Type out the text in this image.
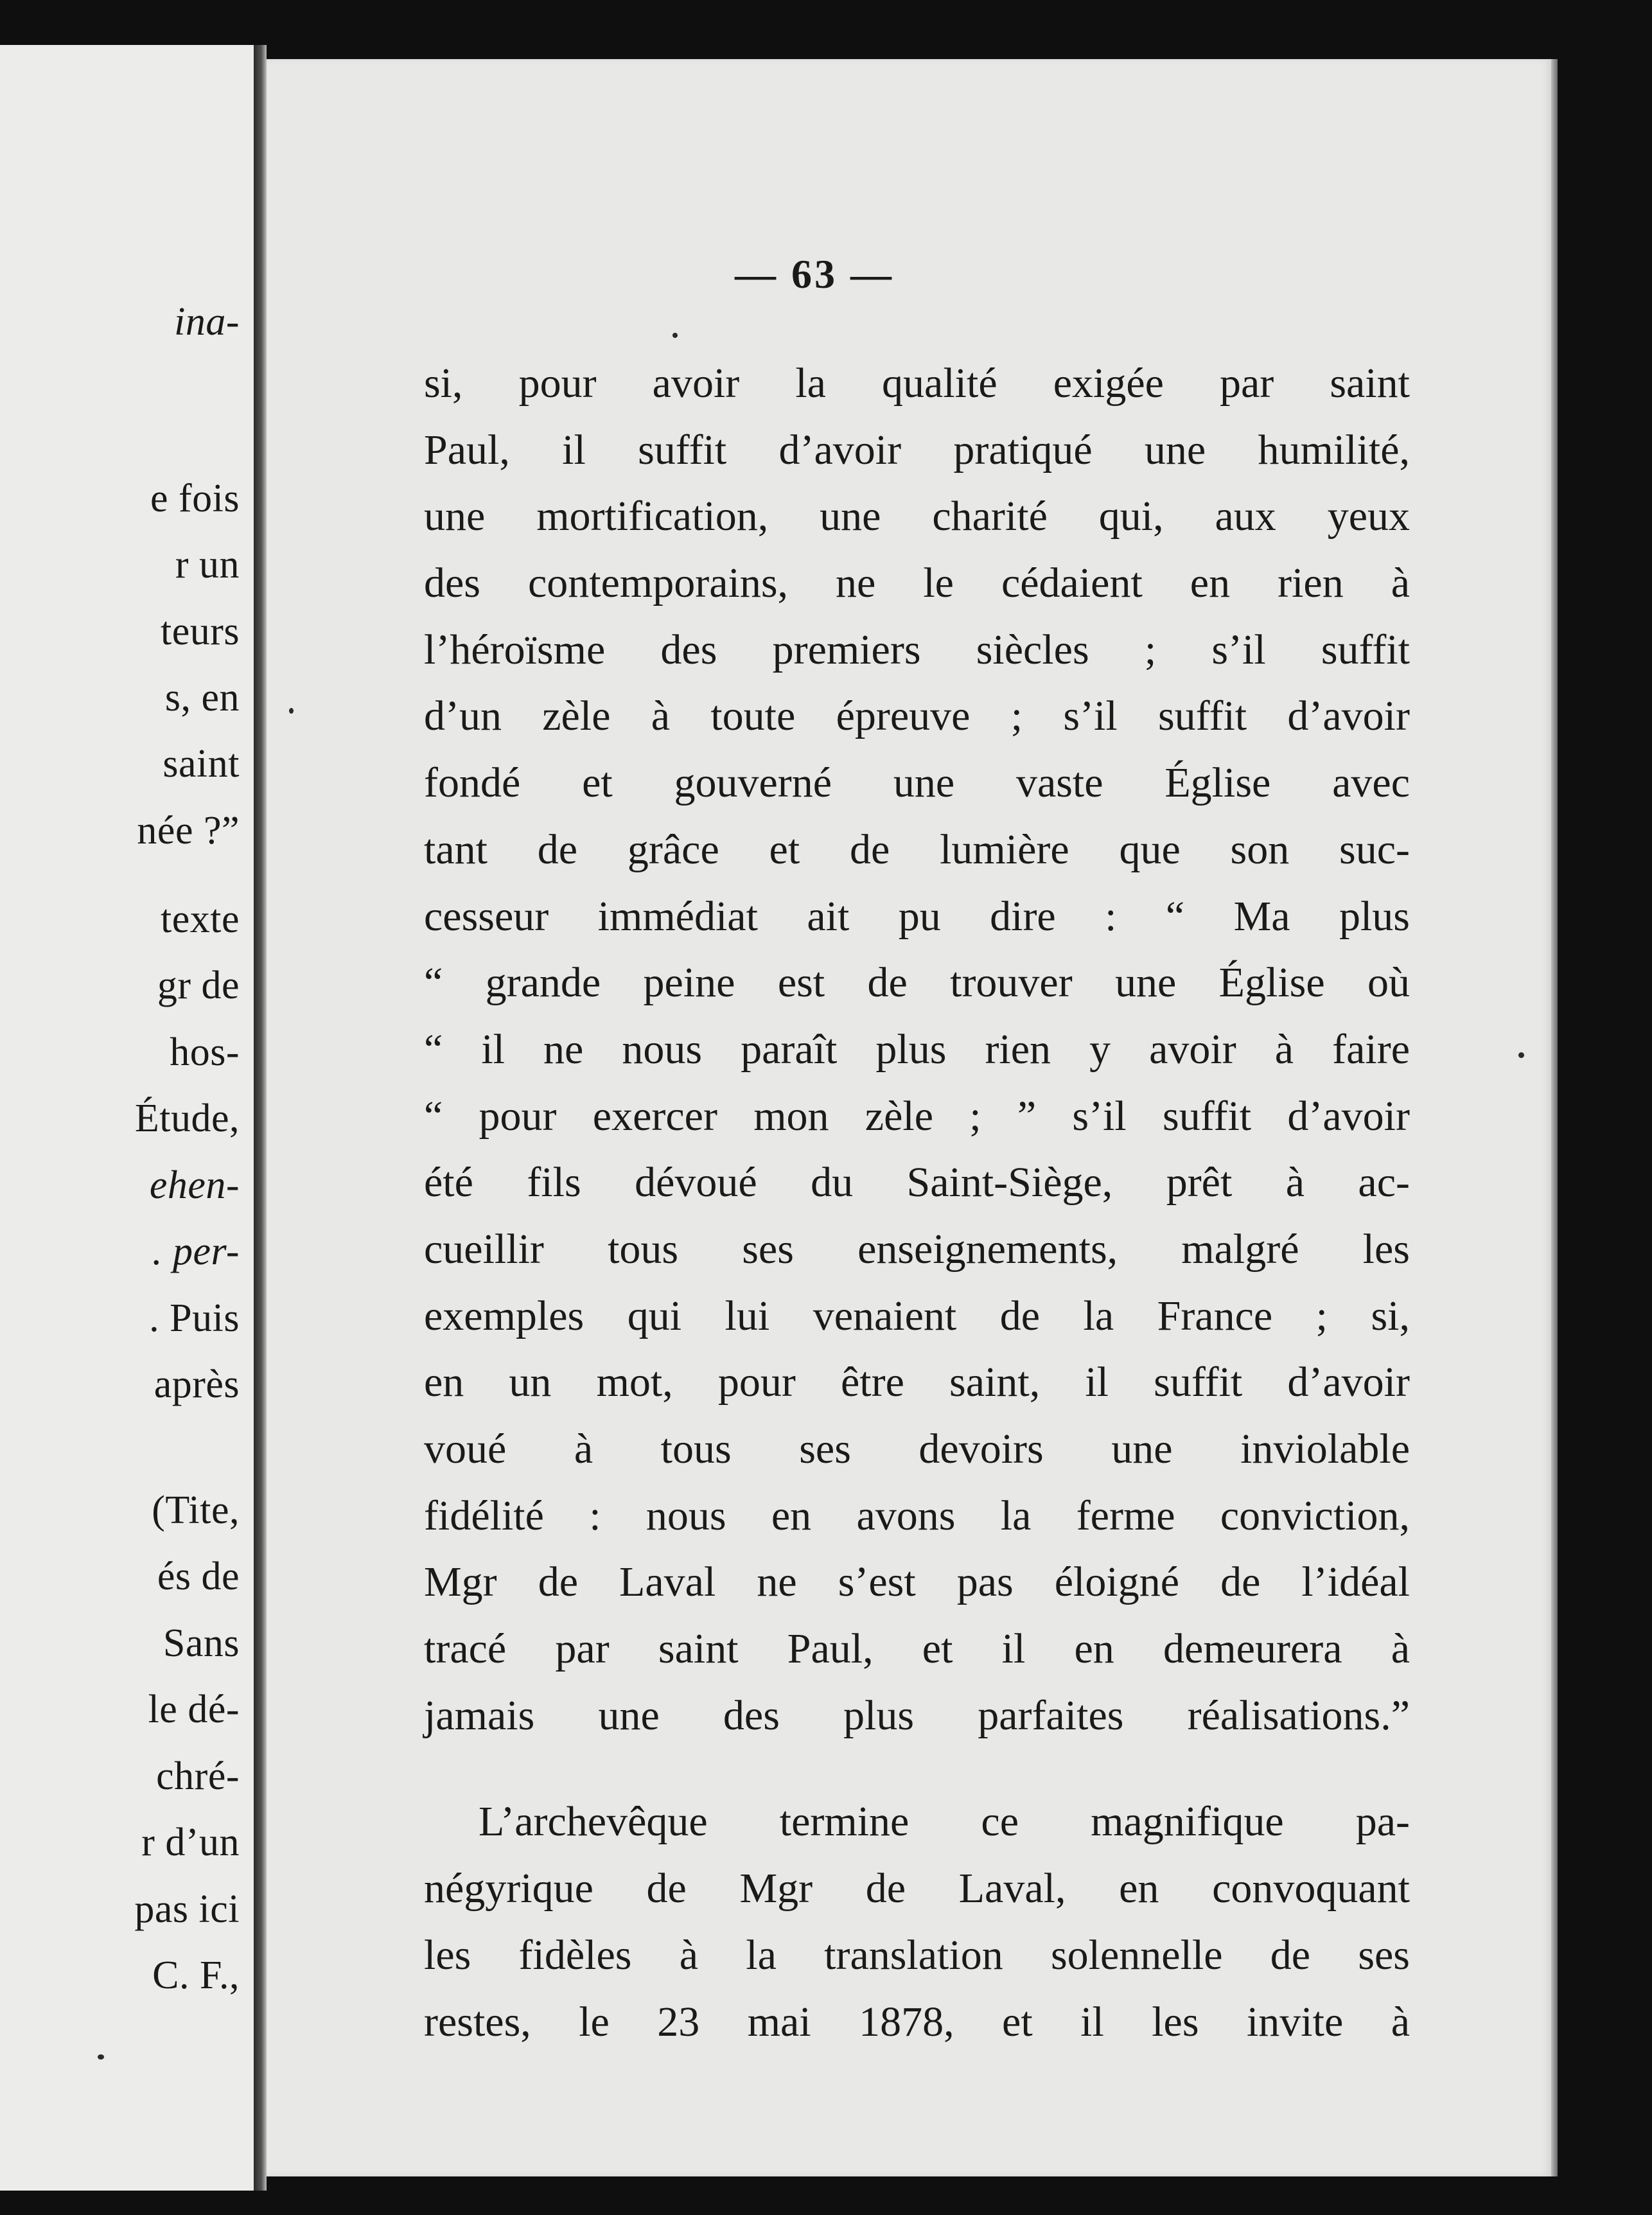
ina-
e fois
r un
teurs
s, en
saint
née ?”
texte
gr de
hos-
Étude,
ehen-
. per-
. Puis
après
(Tite,
és de
Sans
le dé-
chré-
r d’un
pas ici
C. F.,
— 63 —
si, pour avoir la qualité exigée par saint
Paul, il suffit d’avoir pratiqué une humilité,
une mortification, une charité qui, aux yeux
des contemporains, ne le cédaient en rien à
l’héroïsme des premiers siècles ; s’il suffit
d’un zèle à toute épreuve ; s’il suffit d’avoir
fondé et gouverné une vaste Église avec
tant de grâce et de lumière que son suc-
cesseur immédiat ait pu dire : “ Ma plus
“ grande peine est de trouver une Église où
“ il ne nous paraît plus rien y avoir à faire
“ pour exercer mon zèle ; ” s’il suffit d’avoir
été fils dévoué du Saint-Siège, prêt à ac-
cueillir tous ses enseignements, malgré les
exemples qui lui venaient de la France ; si,
en un mot, pour être saint, il suffit d’avoir
voué à tous ses devoirs une inviolable
fidélité : nous en avons la ferme conviction,
Mgr de Laval ne s’est pas éloigné de l’idéal
tracé par saint Paul, et il en demeurera à
jamais une des plus parfaites réalisations.”
L’archevêque termine ce magnifique pa-
négyrique de Mgr de Laval, en convoquant
les fidèles à la translation solennelle de ses
restes, le 23 mai 1878, et il les invite à
